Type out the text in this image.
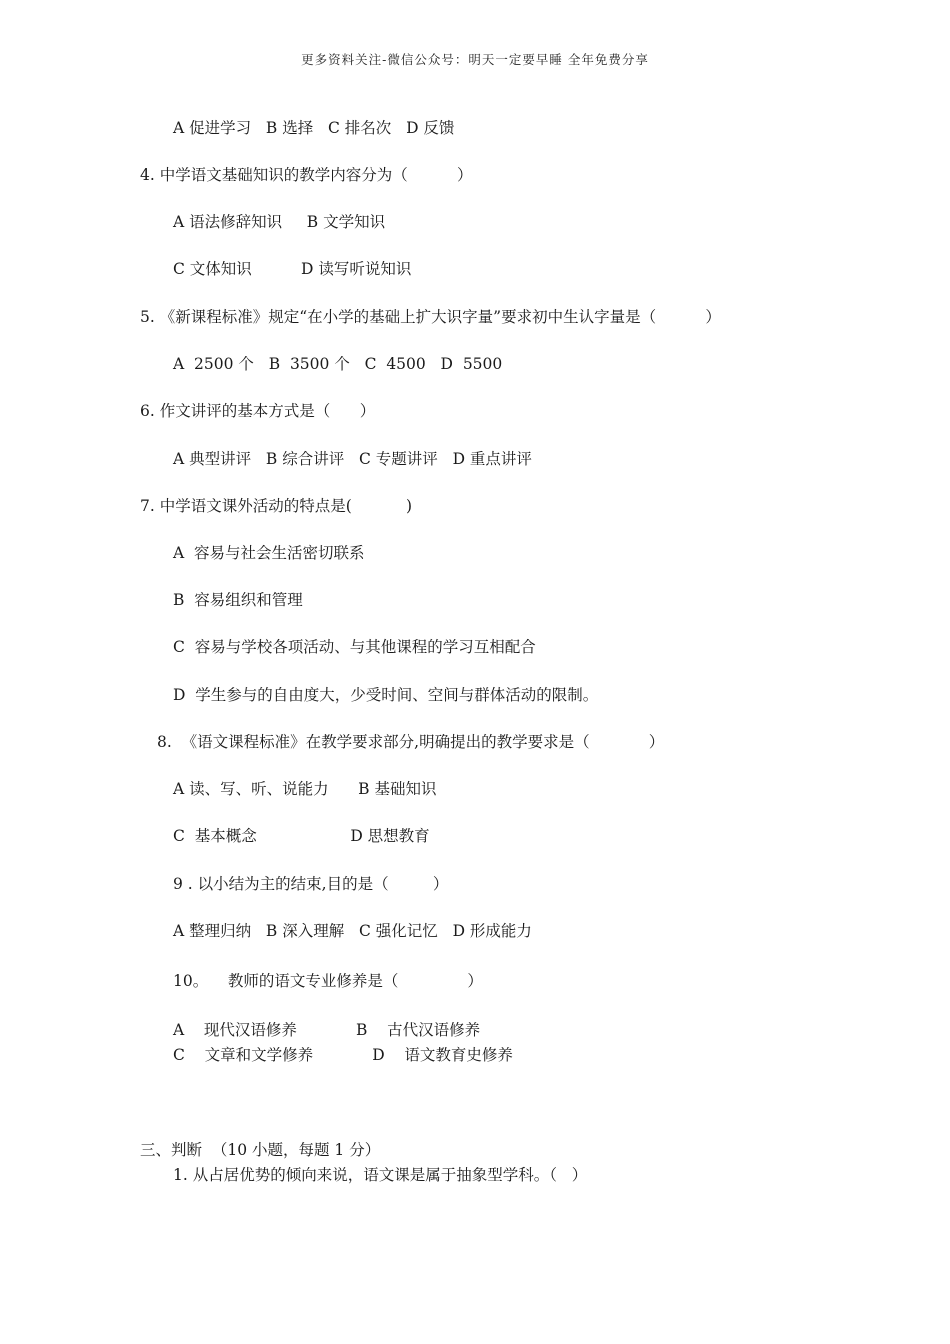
更多资料关注-微信公众号：明天一定要早睡 全年免费分享
A 促进学习   B 选择   C 排名次   D 反馈
4. 中学语文基础知识的教学内容分为（          ）
A 语法修辞知识     B 文学知识
C 文体知识          D 读写听说知识
5. 《新课程标准》规定“在小学的基础上扩大识字量”要求初中生认字量是（          ）
A  2500 个   B  3500 个   C  4500   D  5500
6. 作文讲评的基本方式是（      ）
A 典型讲评   B 综合讲评   C 专题讲评   D 重点讲评
7. 中学语文课外活动的特点是(           )
A  容易与社会生活密切联系
B  容易组织和管理
C  容易与学校各项活动、与其他课程的学习互相配合
D  学生参与的自由度大，少受时间、空间与群体活动的限制。
8.  《语文课程标准》在教学要求部分,明确提出的教学要求是（            ）
A 读、写、听、说能力      B 基础知识
C  基本概念                   D 思想教育
9 . 以小结为主的结束,目的是（         ）
A 整理归纳   B 深入理解   C 强化记忆   D 形成能力
10。    教师的语文专业修养是（              ）
A    现代汉语修养            B    古代汉语修养
C    文章和文学修养            D    语文教育史修养
三、判断  （10 小题，每题 1 分）
1. 从占居优势的倾向来说，语文课是属于抽象型学科。（   ）
